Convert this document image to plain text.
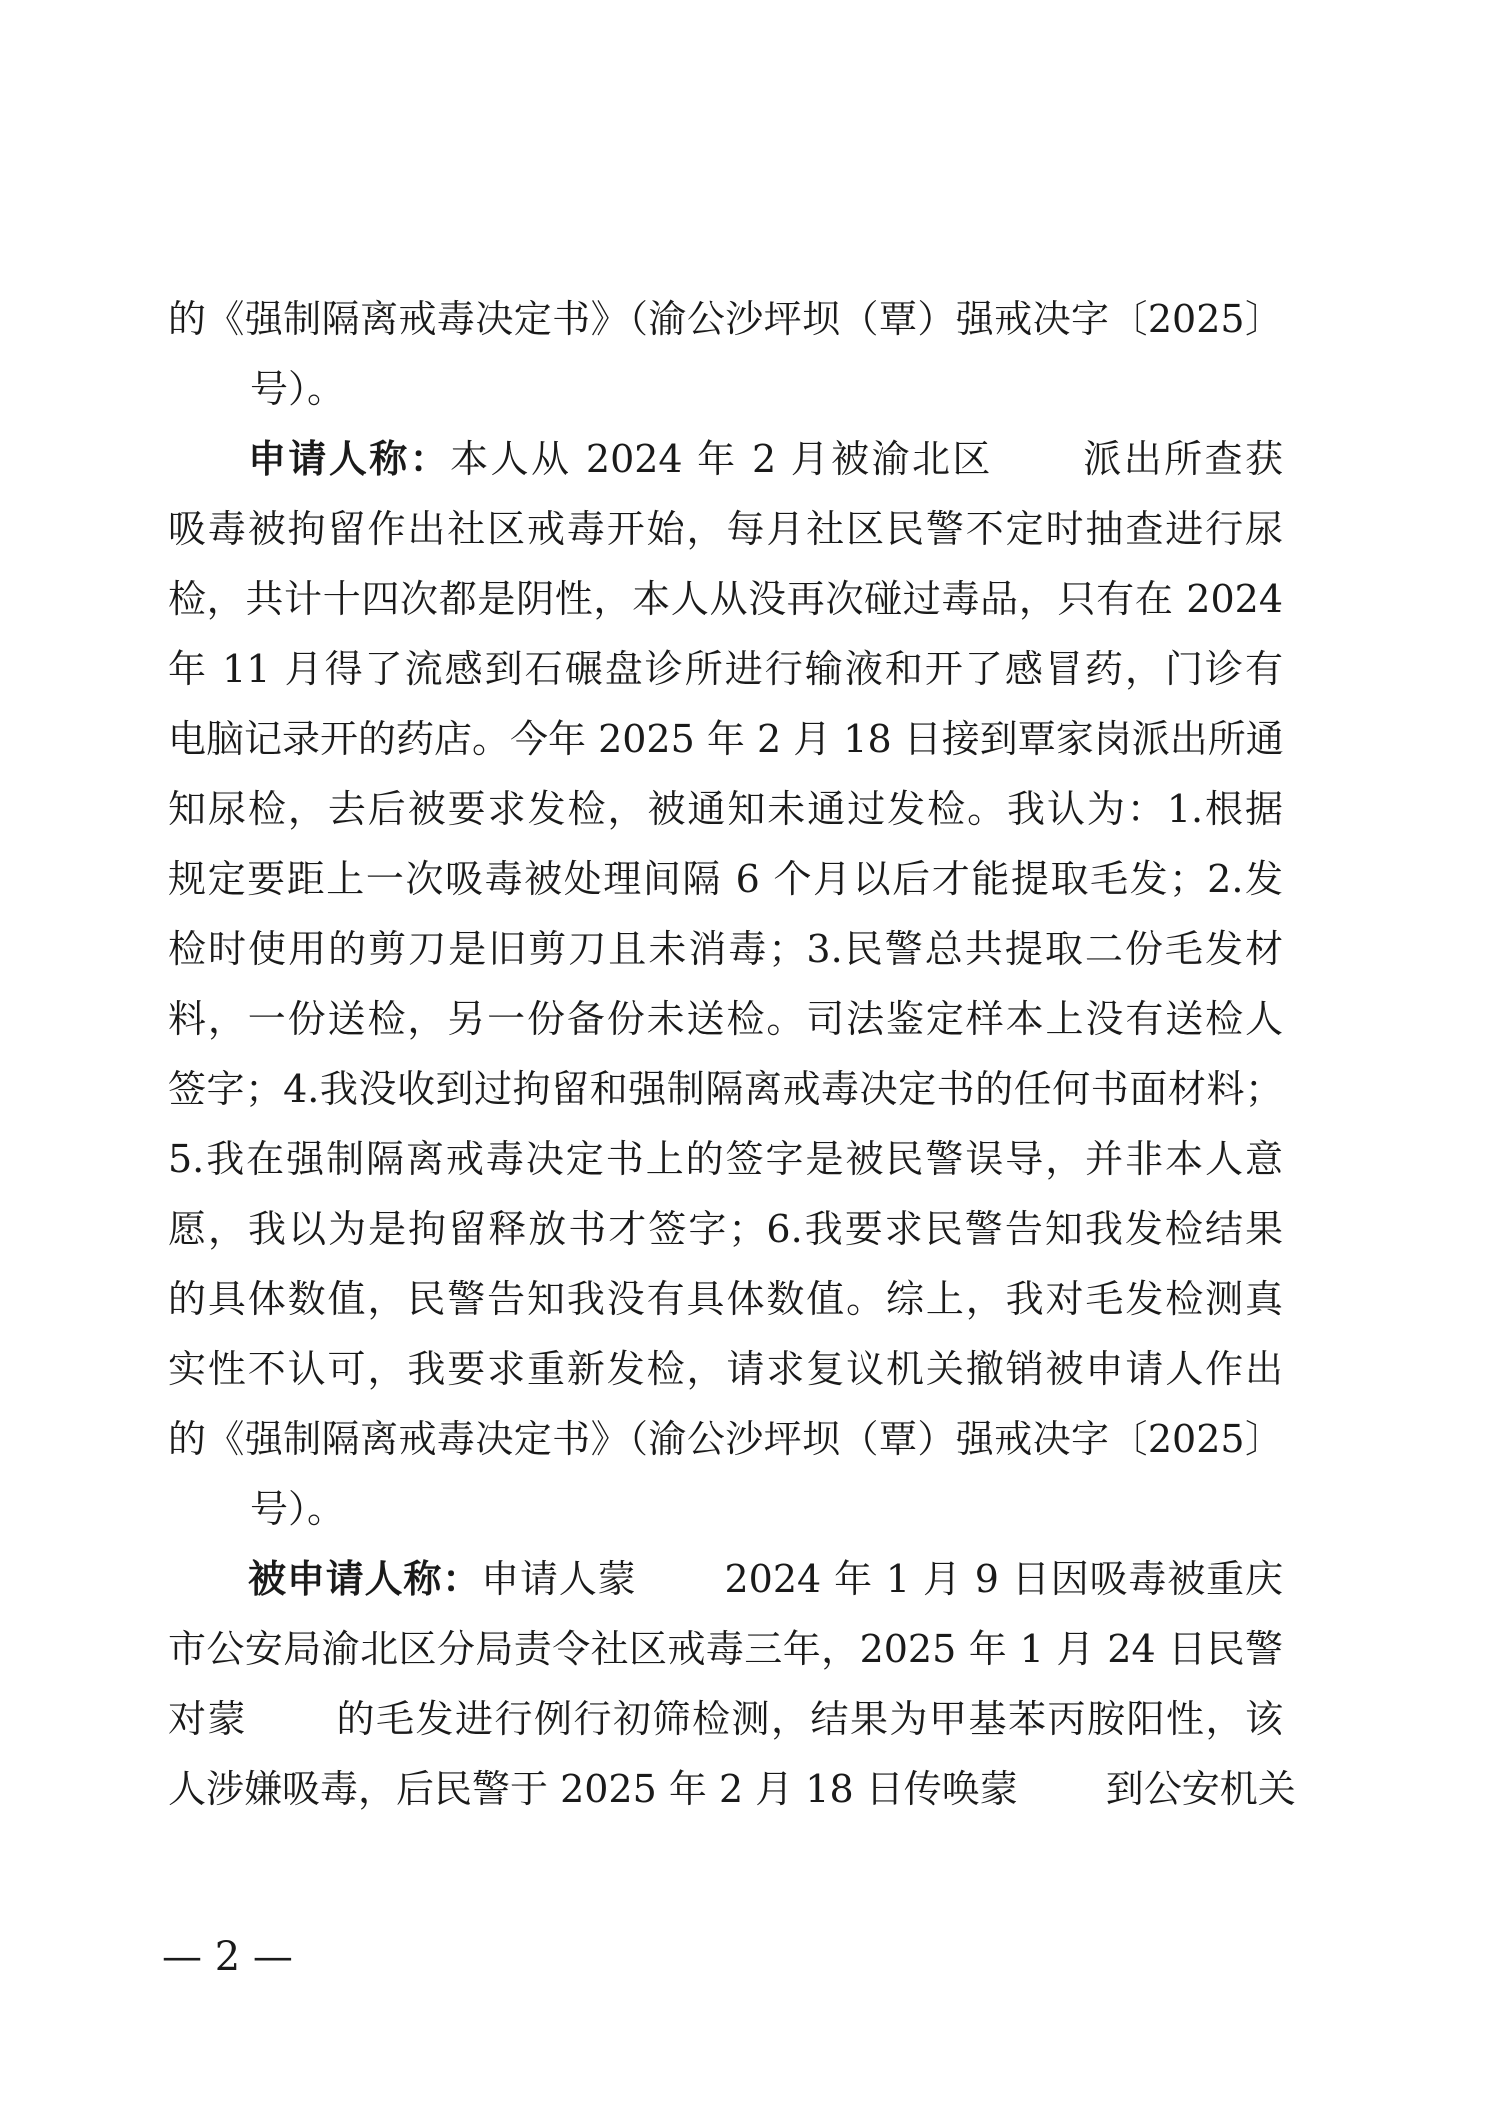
的《强制隔离戒毒决定书》（渝公沙坪坝（覃）强戒决字〔2025〕
号）。
申请人称：本人从 2024 年 2 月被渝北区 派出所查获
吸毒被拘留作出社区戒毒开始，每月社区民警不定时抽查进行尿
检，共计十四次都是阴性，本人从没再次碰过毒品，只有在 2024
年 11 月得了流感到石碾盘诊所进行输液和开了感冒药，门诊有
电脑记录开的药店。今年 2025 年 2 月 18 日接到覃家岗派出所通
知尿检，去后被要求发检，被通知未通过发检。我认为：1.根据
规定要距上一次吸毒被处理间隔 6 个月以后才能提取毛发；2.发
检时使用的剪刀是旧剪刀且未消毒；3.民警总共提取二份毛发材
料，一份送检，另一份备份未送检。司法鉴定样本上没有送检人
签字；4.我没收到过拘留和强制隔离戒毒决定书的任何书面材料；
5.我在强制隔离戒毒决定书上的签字是被民警误导，并非本人意
愿，我以为是拘留释放书才签字；6.我要求民警告知我发检结果
的具体数值，民警告知我没有具体数值。综上，我对毛发检测真
实性不认可，我要求重新发检，请求复议机关撤销被申请人作出
的《强制隔离戒毒决定书》（渝公沙坪坝（覃）强戒决字〔2025〕
号）。
被申请人称：申请人蒙 2024 年 1 月 9 日因吸毒被重庆
市公安局渝北区分局责令社区戒毒三年，2025 年 1 月 24 日民警
对蒙 的毛发进行例行初筛检测，结果为甲基苯丙胺阳性，该
人涉嫌吸毒，后民警于 2025 年 2 月 18 日传唤蒙 到公安机关
— 2 —
